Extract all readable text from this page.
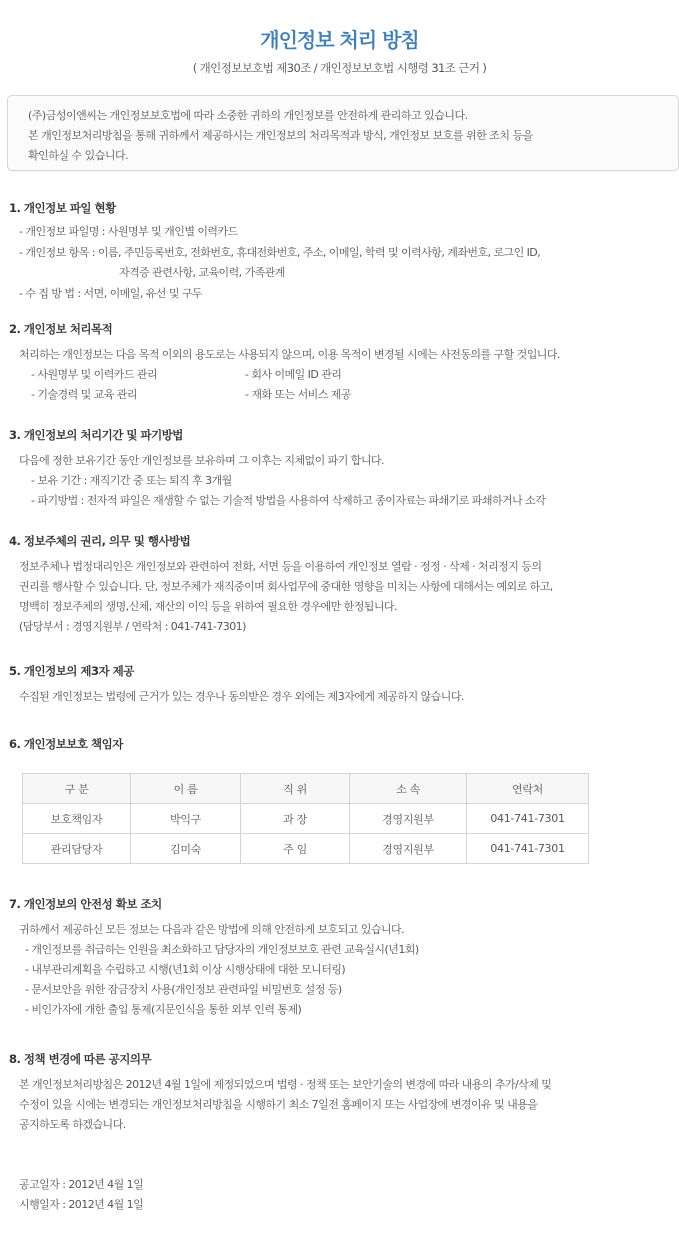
개인정보 처리 방침
( 개인정보보호법 제30조 / 개인정보보호법 시행령 31조 근거 )
(주)금성이앤씨는 개인정보보호법에 따라 소중한 귀하의 개인정보를 안전하게 관리하고 있습니다.
본 개인정보처리방침을 통해 귀하께서 제공하시는 개인정보의 처리목적과 방식, 개인정보 보호를 위한 조치 등을
확인하실 수 있습니다.
1. 개인정보 파일 현황
- 개인정보 파일명 : 사원명부 및 개인별 이력카드
- 개인정보 항목 : 이름, 주민등록번호, 전화번호, 휴대전화번호, 주소, 이메일, 학력 및 이력사항, 계좌번호, 로그인 ID,
자격증 관련사항, 교육이력, 가족관계
- 수 집 방 법 : 서면, 이메일, 유선 및 구두
2. 개인정보 처리목적
처리하는 개인정보는 다음 목적 이외의 용도로는 사용되지 않으며, 이용 목적이 변경될 시에는 사전동의를 구할 것입니다.
- 사원명부 및 이력카드 관리	- 회사 이메일 ID 관리
- 기술경력 및 교육 관리	- 재화 또는 서비스 제공
3. 개인정보의 처리기간 및 파기방법
다음에 정한 보유기간 동안 개인정보를 보유하며 그 이후는 지체없이 파기 합니다.
- 보유 기간 : 재직기간 중 또는 퇴직 후 3개월
- 파기방법 : 전자적 파일은 재생할 수 없는 기술적 방법을 사용하여 삭제하고 종이자료는 파쇄기로 파쇄하거나 소각
4. 정보주체의 권리, 의무 및 행사방법
정보주체나 법정대리인은 개인정보와 관련하여 전화, 서면 등을 이용하여 개인정보 열람 · 정정 · 삭제 · 처리정지 등의
권리를 행사할 수 있습니다. 단, 정보주체가 재직중이며 회사업무에 중대한 영향을 미치는 사항에 대해서는 예외로 하고,
명백히 정보주체의 생명,신체, 재산의 이익 등을 위하여 필요한 경우에만 한정됩니다.
(담당부서 : 경영지원부 / 연락처 : 041-741-7301)
5. 개인정보의 제3자 제공
수집된 개인정보는 법령에 근거가 있는 경우나 동의받은 경우 외에는 제3자에게 제공하지 않습니다.
6. 개인정보보호 책임자
구 분	이 름	직 위	소 속	연락처
보호책임자	박익구	과 장	경영지원부	041-741-7301
관리담당자	김미숙	주 임	경영지원부	041-741-7301
7. 개인정보의 안전성 확보 조치
귀하께서 제공하신 모든 정보는 다음과 같은 방법에 의해 안전하게 보호되고 있습니다.
- 개인정보를 취급하는 인원을 최소화하고 담당자의 개인정보보호 관련 교육실시(년1회)
- 내부관리계획을 수립하고 시행(년1회 이상 시행상태에 대한 모니터링)
- 문서보안을 위한 잠금장치 사용(개인정보 관련파일 비밀번호 설정 등)
- 비인가자에 개한 출입 통제(지문인식을 통한 외부 인력 통제)
8. 정책 변경에 따른 공지의무
본 개인정보처리방침은 2012년 4월 1일에 제정되었으며 법령 · 정책 또는 보안기술의 변경에 따라 내용의 추가/삭제 및
수정이 있을 시에는 변경되는 개인정보처리방침을 시행하기 최소 7일전 홈페이지 또는 사업장에 변경이유 및 내용을
공지하도록 하겠습니다.
공고일자 : 2012년 4월 1일
시행일자 : 2012년 4월 1일
